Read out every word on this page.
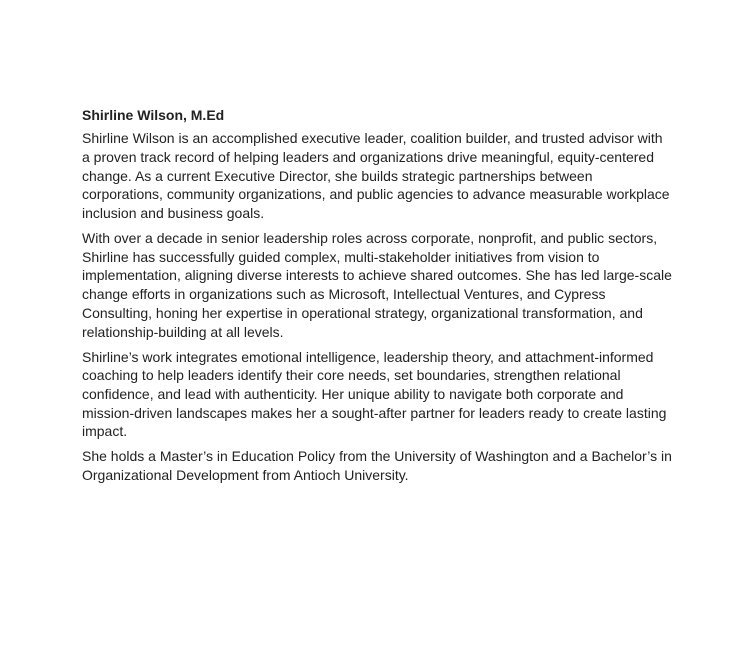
Shirline Wilson, M.Ed

Shirline Wilson is an accomplished executive leader, coalition builder, and trusted advisor with a proven track record of helping leaders and organizations drive meaningful, equity-centered change. As a current Executive Director, she builds strategic partnerships between corporations, community organizations, and public agencies to advance measurable workplace inclusion and business goals.

With over a decade in senior leadership roles across corporate, nonprofit, and public sectors, Shirline has successfully guided complex, multi-stakeholder initiatives from vision to implementation, aligning diverse interests to achieve shared outcomes. She has led large-scale change efforts in organizations such as Microsoft, Intellectual Ventures, and Cypress Consulting, honing her expertise in operational strategy, organizational transformation, and relationship-building at all levels.

Shirline’s work integrates emotional intelligence, leadership theory, and attachment-informed coaching to help leaders identify their core needs, set boundaries, strengthen relational confidence, and lead with authenticity. Her unique ability to navigate both corporate and mission-driven landscapes makes her a sought-after partner for leaders ready to create lasting impact.

She holds a Master’s in Education Policy from the University of Washington and a Bachelor’s in Organizational Development from Antioch University.
